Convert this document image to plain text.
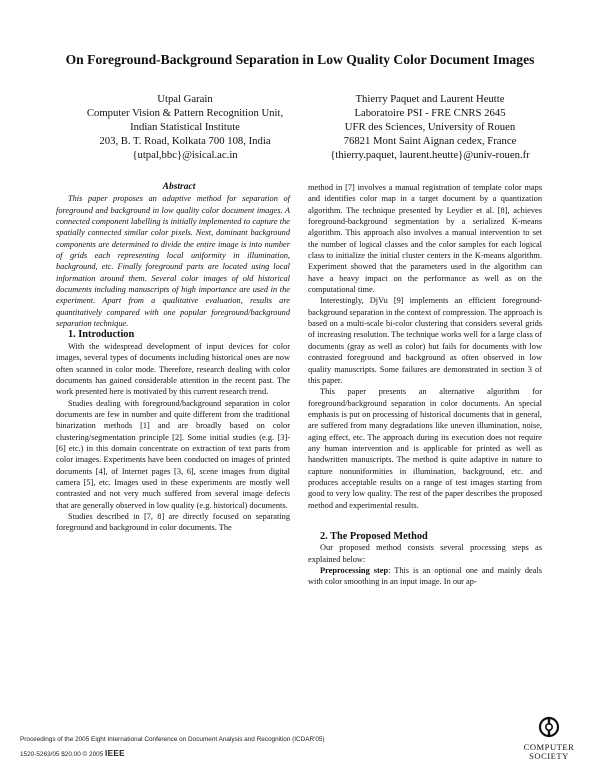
On Foreground-Background Separation in Low Quality Color Document Images
Utpal Garain
Computer Vision & Pattern Recognition Unit,
Indian Statistical Institute
203, B. T. Road, Kolkata 700 108, India
{utpal,bbc}@isical.ac.in
Thierry Paquet and Laurent Heutte
Laboratoire PSI - FRE CNRS 2645
UFR des Sciences, University of Rouen
76821 Mont Saint Aignan cedex, France
{thierry.paquet, laurent.heutte}@univ-rouen.fr

Abstract

This paper proposes an adaptive method for separation of foreground and background in low quality color document images. A connected component labelling is initially implemented to capture the spatially connected similar color pixels. Next, dominant background components are determined to divide the entire image is into number of grids each representing local uniformity in illumination, background, etc. Finally foreground parts are located using local information around them. Several color images of old historical documents including manuscripts of high importance are used in the experiment. Apart from a qualitative evaluation, results are quantitatively compared with one popular foreground/background separation technique.

1. Introduction

With the widespread development of input devices for color images, several types of documents including historical ones are now often scanned in color mode. Therefore, research dealing with color documents has gained considerable attention in the recent past. The work presented here is motivated by this current research trend.

Studies dealing with foreground/background separation in color documents are few in number and quite different from the traditional binarization methods [1] and are broadly based on color clustering/segmentation principle [2]. Some initial studies (e.g. [3]-[6] etc.) in this domain concentrate on extraction of text parts from color images. Experiments have been conducted on images of printed documents [4], of Internet pages [3, 6], scene images from digital camera [5], etc. Images used in these experiments are mostly well contrasted and not very much suffered from several image defects that are generally observed in low quality (e.g. historical) documents.

Studies described in [7, 8] are directly focused on separating foreground and background in color documents. The

method in [7] involves a manual registration of template color maps and identifies color map in a target document by a quantization algorithm. The technique presented by Leydier et al. [8], achieves foreground-background segmentation by a serialized K-means algorithm. This approach also involves a manual intervention to set the number of logical classes and the color samples for each logical class to initialize the initial cluster centers in the K-means algorithm. Experiment showed that the parameters used in the algorithm can have a heavy impact on the performance as well as on the computational time.

Interestingly, DjVu [9] implements an efficient foreground-background separation in the context of compression. The approach is based on a multi-scale bi-color clustering that considers several grids of increasing resolution. The technique works well for a large class of documents (gray as well as color) but fails for documents with low contrasted foreground and background as often observed in low quality manuscripts. Some failures are demonstrated in section 3 of this paper.

This paper presents an alternative algorithm for foreground/background separation in color documents. An special emphasis is put on processing of historical documents that in general, are suffered from many degradations like uneven illumination, noise, aging effect, etc. The approach during its execution does not require any human intervention and is applicable for printed as well as handwritten manuscripts. The method is quite adaptive in nature to capture nonuniformities in illumination, background, etc. and produces acceptable results on a range of test images starting from good to very low quality. The rest of the paper describes the proposed method and experimental results.

2. The Proposed Method

Our proposed method consists several processing steps as explained below:

Preprocessing step: This is an optional one and mainly deals with color smoothing in an input image. In our ap-

Proceedings of the 2005 Eight International Conference on Document Analysis and Recognition (ICDAR'05)
1520-5263/05 $20.00 © 2005 IEEE
COMPUTER
SOCIETY
